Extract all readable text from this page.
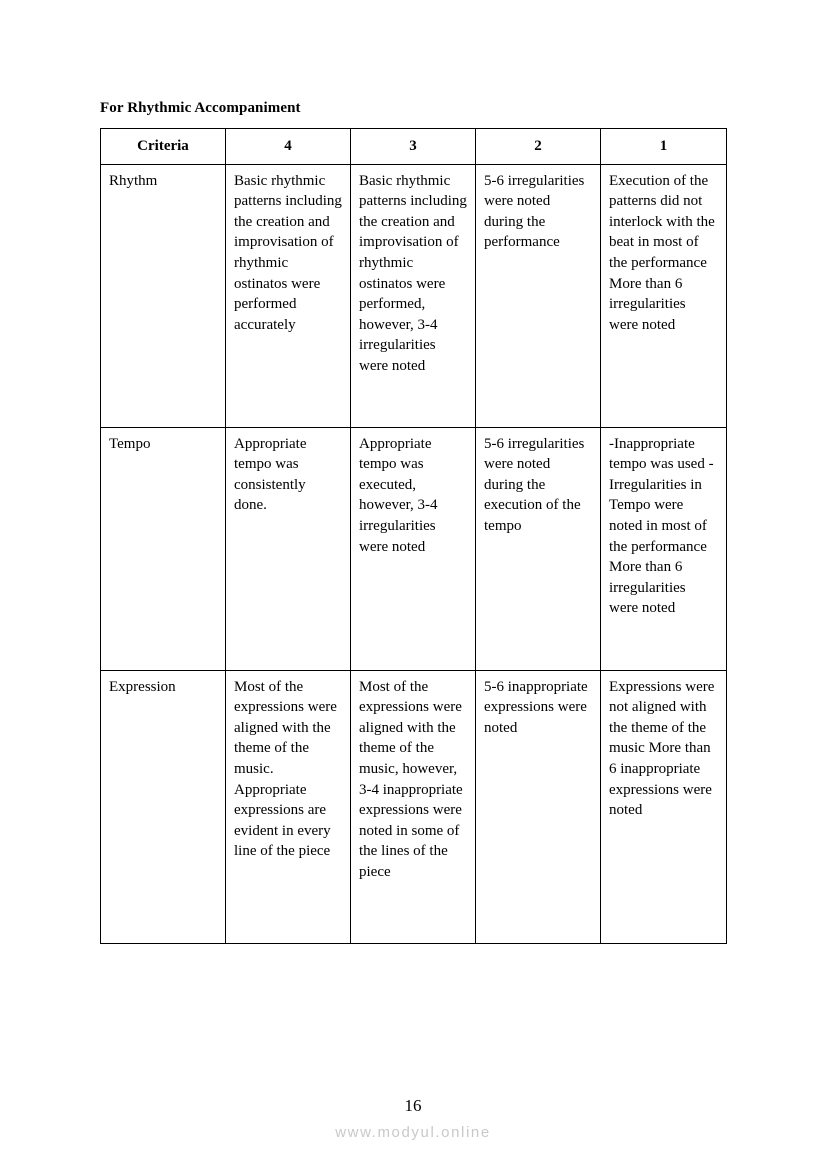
For Rhythmic Accompaniment
Criteria	4	3	2	1

Rhythm	Basic rhythmic patterns including the creation and improvisation of rhythmic ostinatos were performed accurately	Basic rhythmic patterns including the creation and improvisation of rhythmic ostinatos were performed, however, 3-4 irregularities were noted	5-6 irregularities were noted during the performance	Execution of the patterns did not interlock with the beat in most of the performance More than 6 irregularities were noted

Tempo	Appropriate tempo was consistently done.	Appropriate tempo was executed, however, 3-4 irregularities were noted	5-6 irregularities were noted during the execution of the tempo	-Inappropriate tempo was used - Irregularities in Tempo were noted in most of the performance More than 6 irregularities were noted

Expression	Most of the expressions were aligned with the theme of the music. Appropriate expressions are evident in every line of the piece	Most of the expressions were aligned with the theme of the music, however, 3-4 inappropriate expressions were noted in some of the lines of the piece	5-6 inappropriate expressions were noted	Expressions were not aligned with the theme of the music More than 6 inappropriate expressions were noted
16
www.modyul.online
